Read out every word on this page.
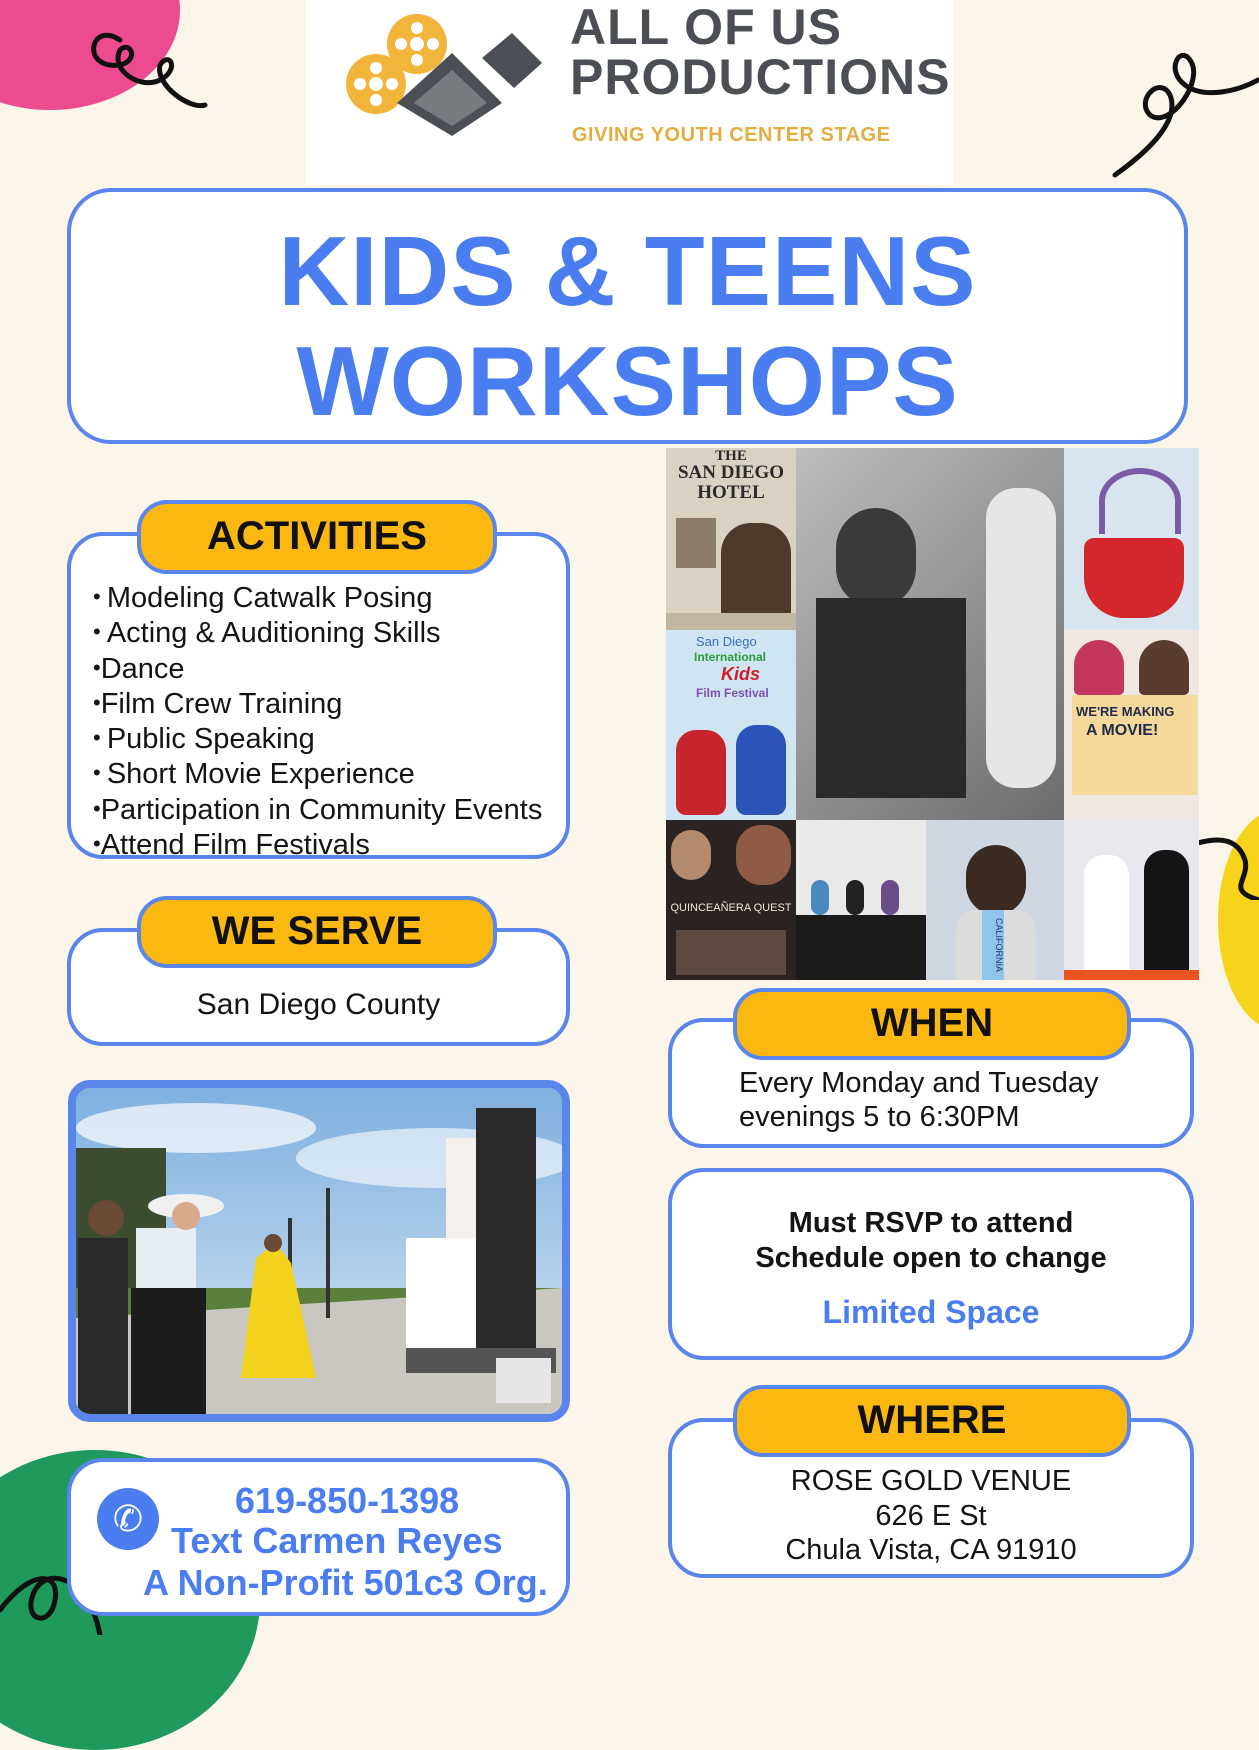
ALL OF US
PRODUCTIONS
GIVING YOUTH CENTER STAGE
KIDS & TEENS
WORKSHOPS
• Modeling Catwalk Posing
• Acting & Auditioning Skills
•Dance
•Film Crew Training
• Public Speaking
• Short Movie Experience
•Participation in Community Events
•Attend Film Festivals
ACTIVITIES
San Diego County
WE SERVE
THE
SAN DIEGO
HOTEL
San Diego
International
Kids
Film Festival
WE'RE MAKING
A MOVIE!
QUINCEAÑERA QUEST
CALIFORNIA
Every Monday and Tuesday
evenings 5 to 6:30PM
WHEN
Must RSVP to attend
Schedule open to change
Limited Space
ROSE GOLD VENUE
626 E St
Chula Vista, CA 91910
WHERE
✆	619-850-1398
Text Carmen Reyes
A Non-Profit 501c3 Org.
